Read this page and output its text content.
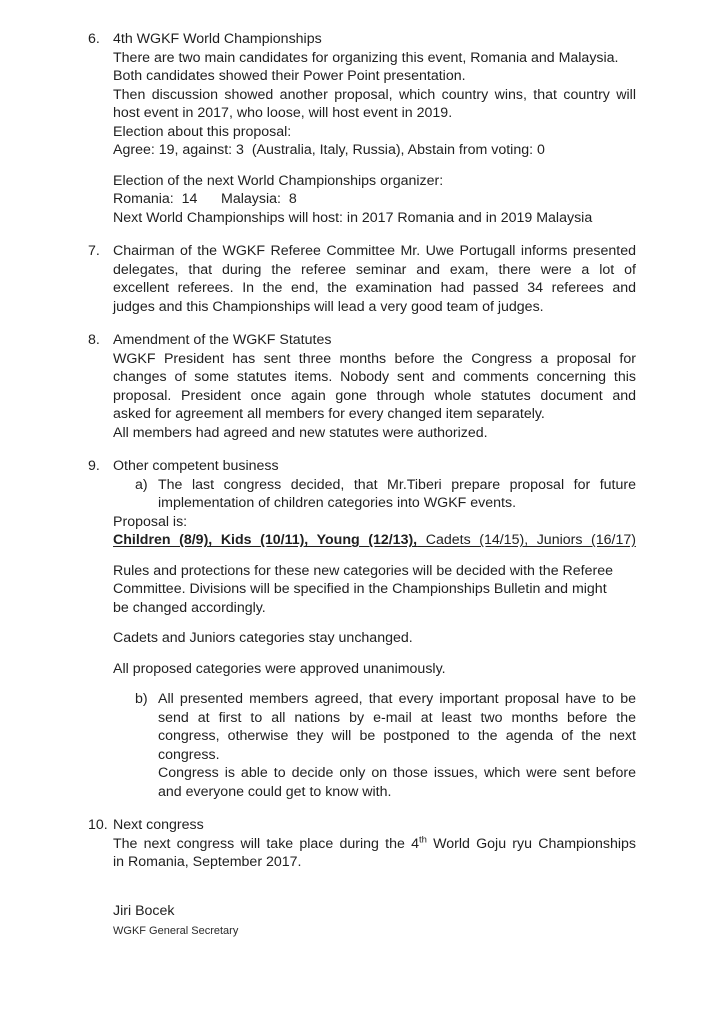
6. 4th WGKF World Championships
There are two main candidates for organizing this event, Romania and Malaysia.
Both candidates showed their Power Point presentation.
Then discussion showed another proposal, which country wins, that country will
host event in 2017, who loose, will host event in 2019.
Election about this proposal:
Agree: 19, against: 3  (Australia, Italy, Russia), Abstain from voting: 0
Election of the next World Championships organizer:
Romania:  14      Malaysia:  8
Next World Championships will host: in 2017 Romania and in 2019 Malaysia
7. Chairman of the WGKF Referee Committee Mr. Uwe Portugall informs presented
delegates, that during the referee seminar and exam, there were a lot of
excellent referees. In the end, the examination had passed 34 referees and
judges and this Championships will lead a very good team of judges.
8. Amendment of the WGKF Statutes
WGKF President has sent three months before the Congress a proposal for
changes of some statutes items. Nobody sent and comments concerning this
proposal. President once again gone through whole statutes document and
asked for agreement all members for every changed item separately.
All members had agreed and new statutes were authorized.
9. Other competent business
a) The last congress decided, that Mr.Tiberi prepare proposal for future
implementation of children categories into WGKF events.
Proposal is:
Children (8/9), Kids (10/11), Young (12/13), Cadets (14/15), Juniors (16/17)
Rules and protections for these new categories will be decided with the Referee
Committee. Divisions will be specified in the Championships Bulletin and might
be changed accordingly.
Cadets and Juniors categories stay unchanged.
All proposed categories were approved unanimously.
b) All presented members agreed, that every important proposal have to be
send at first to all nations by e-mail at least two months before the
congress, otherwise they will be postponed to the agenda of the next
congress.
Congress is able to decide only on those issues, which were sent before
and everyone could get to know with.
10. Next congress
The next congress will take place during the 4th World Goju ryu Championships
in Romania, September 2017.
Jiri Bocek
WGKF General Secretary
